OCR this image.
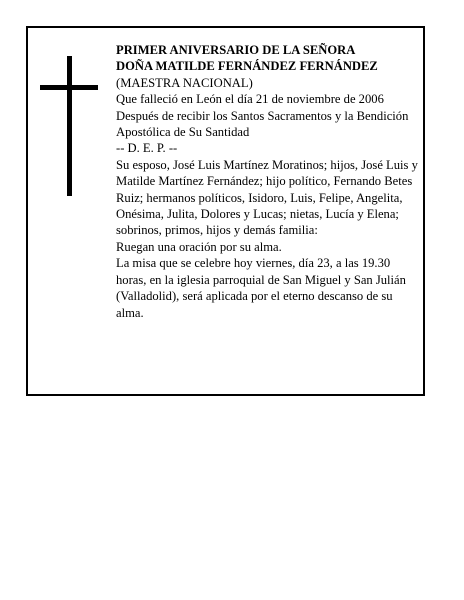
PRIMER ANIVERSARIO DE LA SEÑORA

DOÑA MATILDE FERNÁNDEZ FERNÁNDEZ

(MAESTRA NACIONAL)

Que falleció en León el día 21 de noviembre de 2006

Después de recibir los Santos Sacramentos y la Bendición Apostólica de Su Santidad

-- D. E. P. --

Su esposo, José Luis Martínez Moratinos; hijos, José Luis y Matilde Martínez Fernández; hijo político, Fernando Betes Ruiz; hermanos políticos, Isidoro, Luis, Felipe, Angelita, Onésima, Julita, Dolores y Lucas; nietas, Lucía y Elena; sobrinos, primos, hijos y demás familia:

Ruegan una oración por su alma.

La misa que se celebre hoy viernes, día 23, a las 19.30 horas, en la iglesia parroquial de San Miguel y San Julián (Valladolid), será aplicada por el eterno descanso de su alma.
